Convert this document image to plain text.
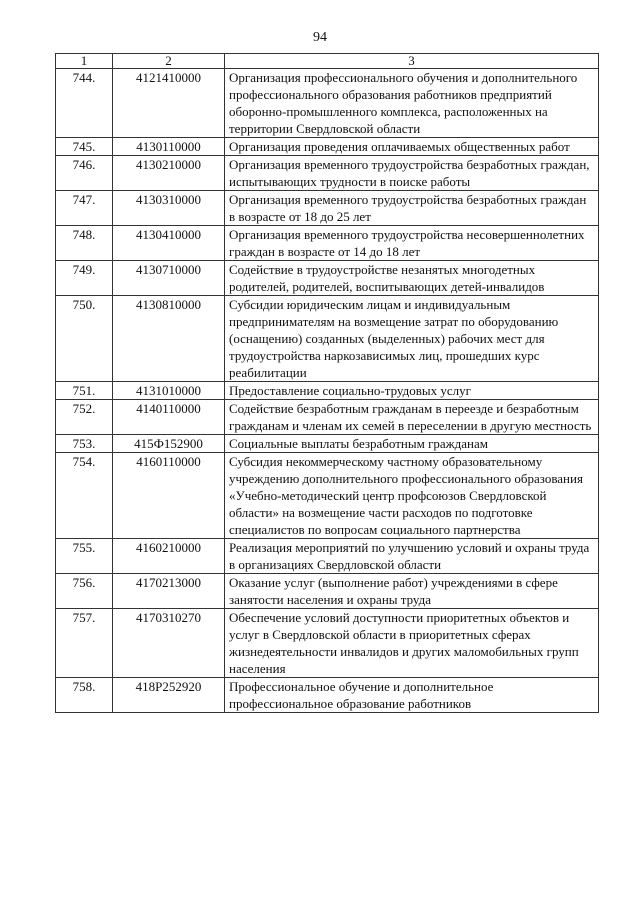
94
1	2	3
744.	4121410000	Организация профессионального обучения и дополнительного профессионального образования работников предприятий оборонно-промышленного комплекса, расположенных на территории Свердловской области
745.	4130110000	Организация проведения оплачиваемых общественных работ
746.	4130210000	Организация временного трудоустройства безработных граждан, испытывающих трудности в поиске работы
747.	4130310000	Организация временного трудоустройства безработных граждан в возрасте от 18 до 25 лет
748.	4130410000	Организация временного трудоустройства несовершеннолетних граждан в возрасте от 14 до 18 лет
749.	4130710000	Содействие в трудоустройстве незанятых многодетных родителей, родителей, воспитывающих детей-инвалидов
750.	4130810000	Субсидии юридическим лицам и индивидуальным предпринимателям на возмещение затрат по оборудованию (оснащению) созданных (выделенных) рабочих мест для трудоустройства наркозависимых лиц, прошедших курс реабилитации
751.	4131010000	Предоставление социально-трудовых услуг
752.	4140110000	Содействие безработным гражданам в переезде и безработным гражданам и членам их семей в переселении в другую местность
753.	415Ф152900	Социальные выплаты безработным гражданам
754.	4160110000	Субсидия некоммерческому частному образовательному учреждению дополнительного профессионального образования «Учебно-методический центр профсоюзов Свердловской области» на возмещение части расходов по подготовке специалистов по вопросам социального партнерства
755.	4160210000	Реализация мероприятий по улучшению условий и охраны труда в организациях Свердловской области
756.	4170213000	Оказание услуг (выполнение работ) учреждениями в сфере занятости населения и охраны труда
757.	4170310270	Обеспечение условий доступности приоритетных объектов и услуг в Свердловской области в приоритетных сферах жизнедеятельности инвалидов и других маломобильных групп населения
758.	418P252920	Профессиональное обучение и дополнительное профессиональное образование работников
